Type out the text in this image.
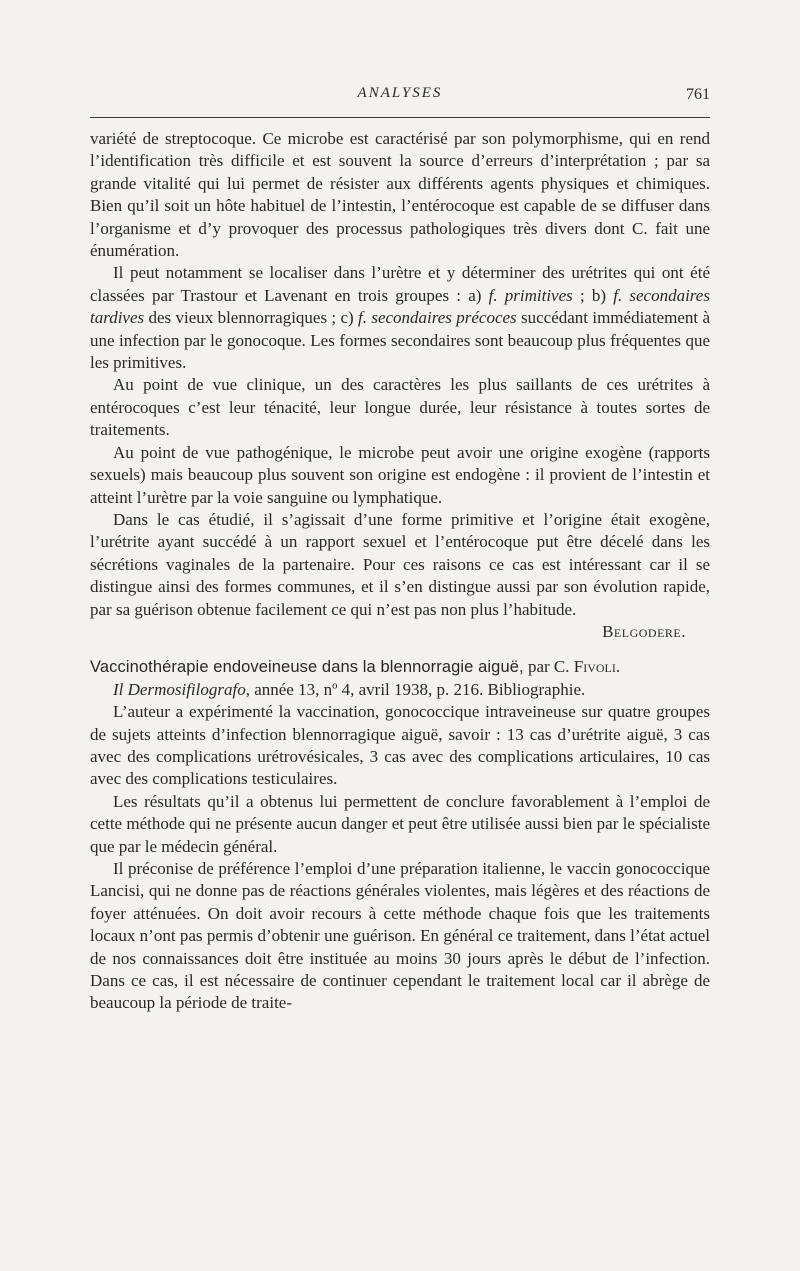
ANALYSES	761

variété de streptocoque. Ce microbe est caractérisé par son polymorphisme, qui en rend l’identification très difficile et est souvent la source d’erreurs d’interprétation ; par sa grande vitalité qui lui permet de résister aux différents agents physiques et chimiques. Bien qu’il soit un hôte habituel de l’intestin, l’entérocoque est capable de se diffuser dans l’organisme et d’y provoquer des processus pathologiques très divers dont C. fait une énumération.

Il peut notamment se localiser dans l’urètre et y déterminer des urétrites qui ont été classées par Trastour et Lavenant en trois groupes : a) f. primitives ; b) f. secondaires tardives des vieux blennorragiques ; c) f. secondaires précoces succédant immédiatement à une infection par le gonocoque. Les formes secondaires sont beaucoup plus fréquentes que les primitives.

Au point de vue clinique, un des caractères les plus saillants de ces urétrites à entérocoques c’est leur ténacité, leur longue durée, leur résistance à toutes sortes de traitements.

Au point de vue pathogénique, le microbe peut avoir une origine exogène (rapports sexuels) mais beaucoup plus souvent son origine est endogène : il provient de l’intestin et atteint l’urètre par la voie sanguine ou lymphatique.

Dans le cas étudié, il s’agissait d’une forme primitive et l’origine était exogène, l’urétrite ayant succédé à un rapport sexuel et l’entérocoque put être décelé dans les sécrétions vaginales de la partenaire. Pour ces raisons ce cas est intéressant car il se distingue ainsi des formes communes, et il s’en distingue aussi par son évolution rapide, par sa guérison obtenue facilement ce qui n’est pas non plus l’habitude.

Belgodere.

Vaccinothérapie endoveineuse dans la blennorragie aiguë, par C. Fivoli.

Il Dermosifilografo, année 13, nº 4, avril 1938, p. 216. Bibliographie.

L’auteur a expérimenté la vaccination, gonococcique intraveineuse sur quatre groupes de sujets atteints d’infection blennorragique aiguë, savoir : 13 cas d’urétrite aiguë, 3 cas avec des complications urétrovésicales, 3 cas avec des complications articulaires, 10 cas avec des complications testiculaires.

Les résultats qu’il a obtenus lui permettent de conclure favorablement à l’emploi de cette méthode qui ne présente aucun danger et peut être utilisée aussi bien par le spécialiste que par le médecin général.

Il préconise de préférence l’emploi d’une préparation italienne, le vaccin gonococcique Lancisi, qui ne donne pas de réactions générales violentes, mais légères et des réactions de foyer atténuées. On doit avoir recours à cette méthode chaque fois que les traitements locaux n’ont pas permis d’obtenir une guérison. En général ce traitement, dans l’état actuel de nos connaissances doit être instituée au moins 30 jours après le début de l’infection. Dans ce cas, il est nécessaire de continuer cependant le traitement local car il abrège de beaucoup la période de traite-
